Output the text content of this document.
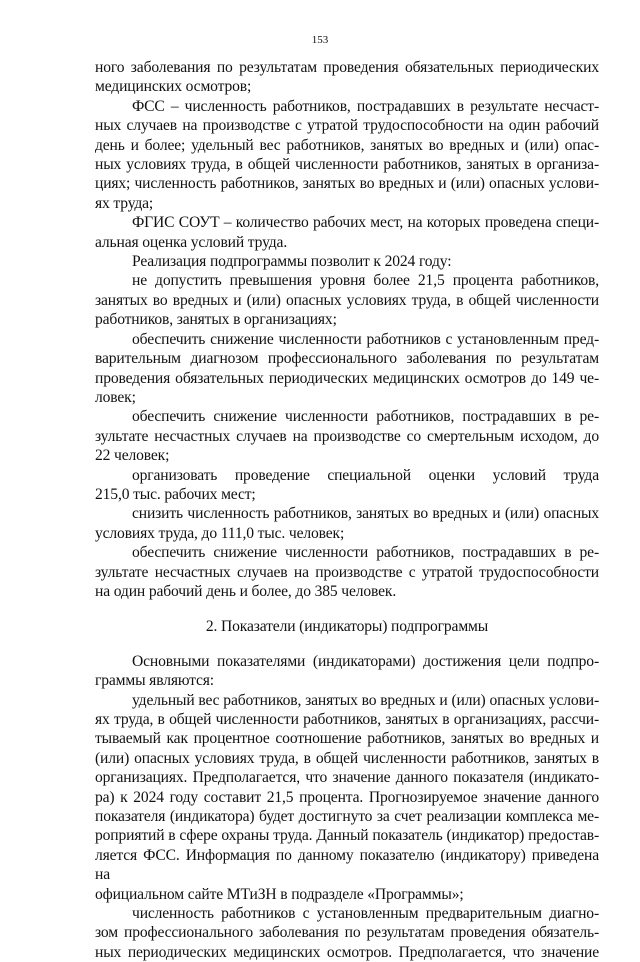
153
ного заболевания по результатам проведения обязательных периодических
медицинских осмотров;
ФСС – численность работников, пострадавших в результате несчаст-
ных случаев на производстве с утратой трудоспособности на один рабочий
день и более; удельный вес работников, занятых во вредных и (или) опас-
ных условиях труда, в общей численности работников, занятых в организа-
циях; численность работников, занятых во вредных и (или) опасных услови-
ях труда;
ФГИС СОУТ – количество рабочих мест, на которых проведена специ-
альная оценка условий труда.
Реализация подпрограммы позволит к 2024 году:
не допустить превышения уровня более 21,5 процента работников,
занятых во вредных и (или) опасных условиях труда, в общей численности
работников, занятых в организациях;
обеспечить снижение численности работников с установленным пред-
варительным диагнозом профессионального заболевания по результатам
проведения обязательных периодических медицинских осмотров до 149 че-
ловек;
обеспечить снижение численности работников, пострадавших в ре-
зультате несчастных случаев на производстве со смертельным исходом, до
22 человек;
организовать проведение специальной оценки условий труда
215,0 тыс. рабочих мест;
снизить численность работников, занятых во вредных и (или) опасных
условиях труда, до 111,0 тыс. человек;
обеспечить снижение численности работников, пострадавших в ре-
зультате несчастных случаев на производстве с утратой трудоспособности
на один рабочий день и более, до 385 человек.
2. Показатели (индикаторы) подпрограммы
Основными показателями (индикаторами) достижения цели подпро-
граммы являются:
удельный вес работников, занятых во вредных и (или) опасных услови-
ях труда, в общей численности работников, занятых в организациях, рассчи-
тываемый как процентное соотношение работников, занятых во вредных и
(или) опасных условиях труда, в общей численности работников, занятых в
организациях. Предполагается, что значение данного показателя (индикато-
ра) к 2024 году составит 21,5 процента. Прогнозируемое значение данного
показателя (индикатора) будет достигнуто за счет реализации комплекса ме-
роприятий в сфере охраны труда. Данный показатель (индикатор) предостав-
ляется ФСС. Информация по данному показателю (индикатору) приведена на
официальном сайте МТиЗН в подразделе «Программы»;
численность работников с установленным предварительным диагно-
зом профессионального заболевания по результатам проведения обязатель-
ных периодических медицинских осмотров. Предполагается, что значение
